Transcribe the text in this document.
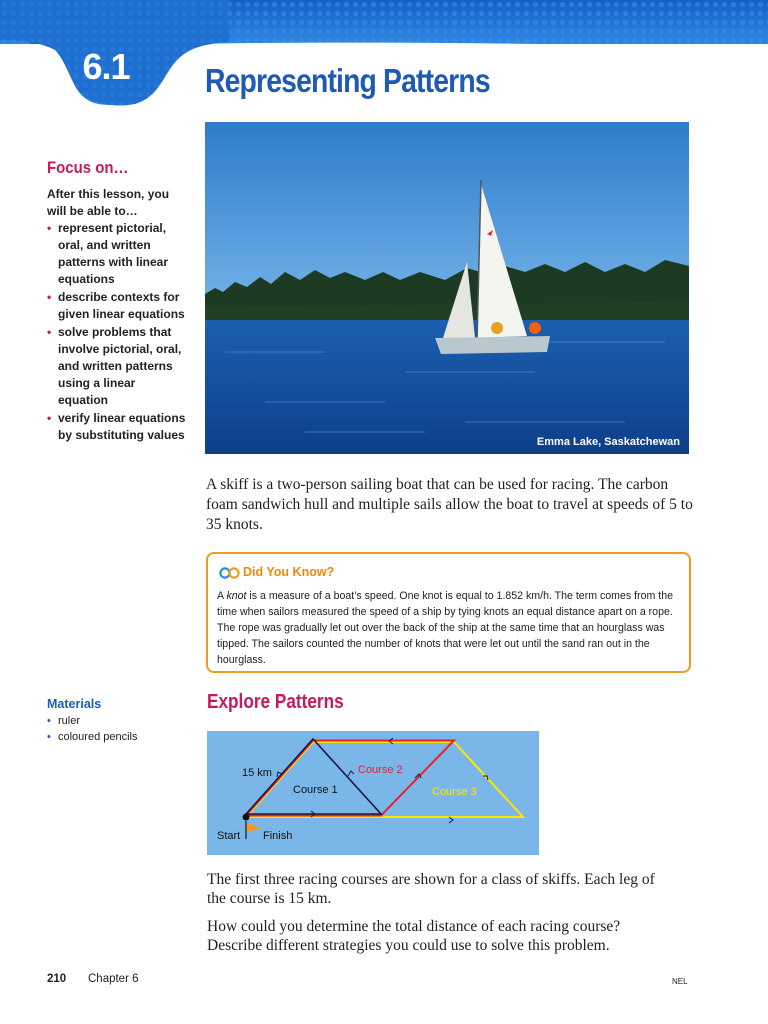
6.1	Representing Patterns
Emma Lake, Saskatchewan
Focus on…
After this lesson, you will be able to…
• represent pictorial, oral, and written patterns with linear equations
• describe contexts for given linear equations
• solve problems that involve pictorial, oral, and written patterns using a linear equation
• verify linear equations by substituting values

A skiff is a two-person sailing boat that can be used for racing. The carbon foam sandwich hull and multiple sails allow the boat to travel at speeds of 5 to 35 knots.

Did You Know?

A knot is a measure of a boat’s speed. One knot is equal to 1.852 km/h. The term comes from the time when sailors measured the speed of a ship by tying knots an equal distance apart on a rope. The rope was gradually let out over the back of the ship at the same time that an hourglass was tipped. The sailors counted the number of knots that were let out until the sand ran out in the hourglass.

Materials
• ruler
• coloured pencils
Explore Patterns
15 km
Course 1
Course 2
Course 3
Start Finish

The first three racing courses are shown for a class of skiffs. Each leg of the course is 15 km.

How could you determine the total distance of each racing course? Describe different strategies you could use to solve this problem.

210 Chapter 6	NEL
